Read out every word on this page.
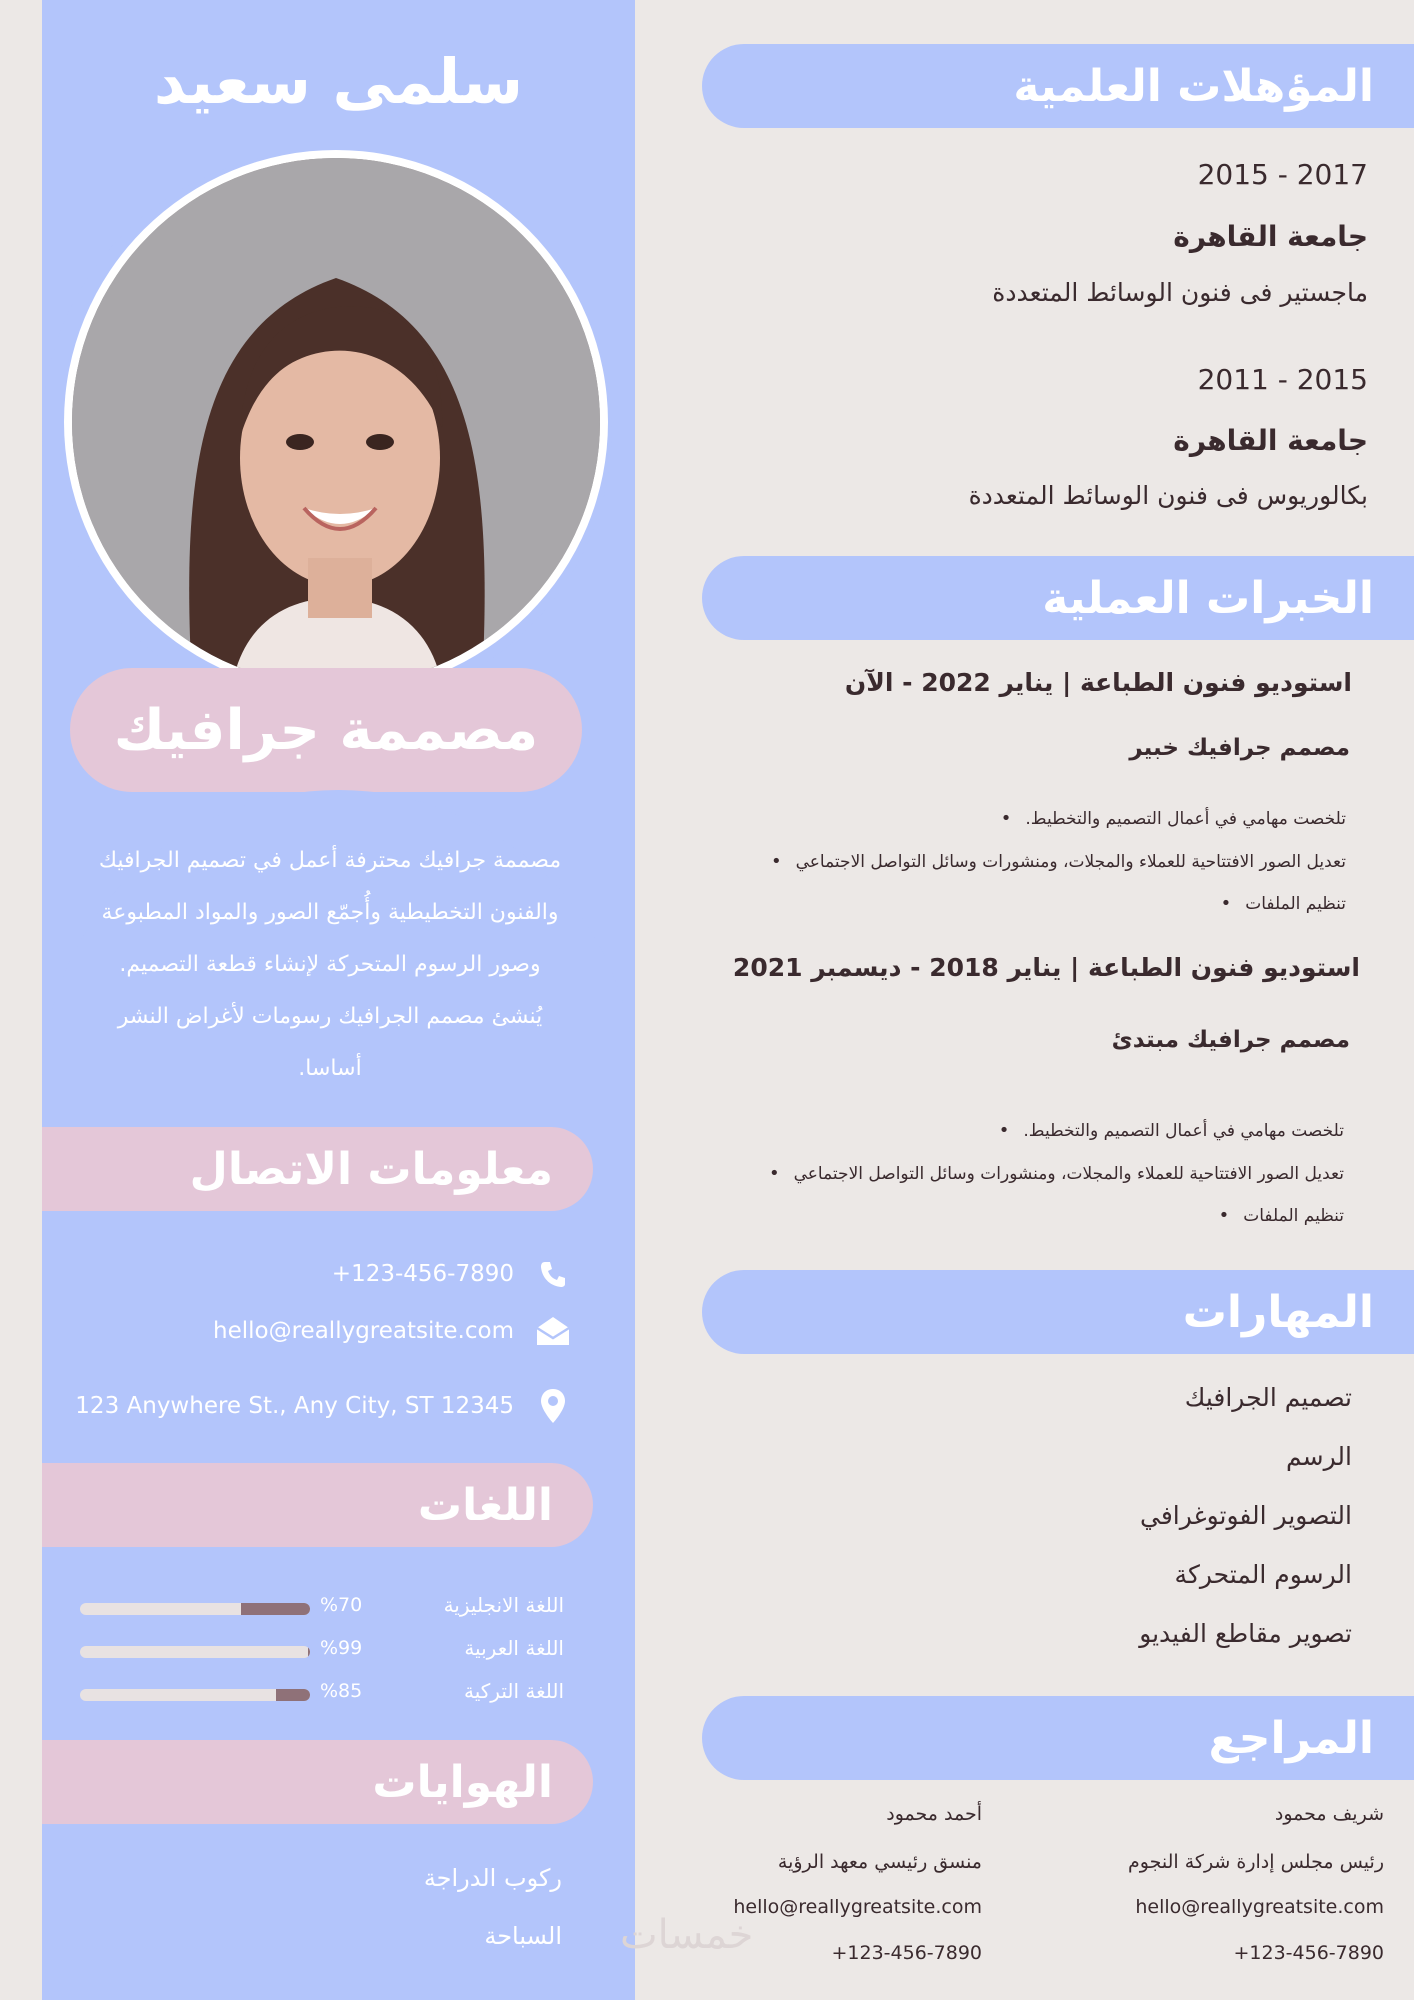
سلمى سعيد
مصممة جرافيك
مصممة جرافيك محترفة أعمل في تصميم الجرافيك والفنون التخطيطية وأُجمّع الصور والمواد المطبوعة وصور الرسوم المتحركة لإنشاء قطعة التصميم. يُنشئ مصمم الجرافيك رسومات لأغراض النشر أساسا.
معلومات الاتصال
+123-456-7890
hello@reallygreatsite.com
123 Anywhere St., Any City, ST 12345
اللغات
اللغة الانجليزية
%70
اللغة العربية
%99
اللغة التركية
%85
الهوايات
ركوب الدراجة
السباحة
المؤهلات العلمية
2017 - 2015
جامعة القاهرة
ماجستير فى فنون الوسائط المتعددة
2015 - 2011
جامعة القاهرة
بكالوريوس فى فنون الوسائط المتعددة
الخبرات العملية
استوديو فنون الطباعة | يناير 2022 - الآن
مصمم جرافيك خبير
تلخصت مهامي في أعمال التصميم والتخطيط. •
تعديل الصور الافتتاحية للعملاء والمجلات، ومنشورات وسائل التواصل الاجتماعي •
تنظيم الملفات •
استوديو فنون الطباعة | يناير 2018 - ديسمبر 2021
مصمم جرافيك مبتدئ
تلخصت مهامي في أعمال التصميم والتخطيط. •
تعديل الصور الافتتاحية للعملاء والمجلات، ومنشورات وسائل التواصل الاجتماعي •
تنظيم الملفات •
المهارات
تصميم الجرافيك
الرسم
التصوير الفوتوغرافي
الرسوم المتحركة
تصوير مقاطع الفيديو
المراجع
شريف محمود
رئيس مجلس إدارة شركة النجوم
hello@reallygreatsite.com
+123-456-7890
أحمد محمود
منسق رئيسي معهد الرؤية
hello@reallygreatsite.com
+123-456-7890
خمسات
